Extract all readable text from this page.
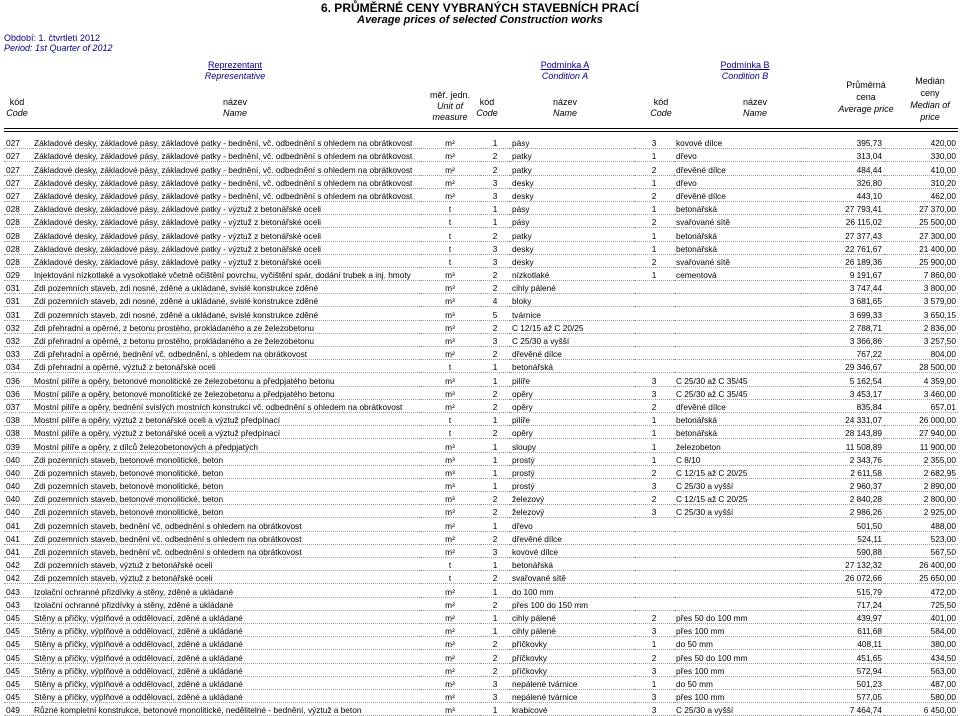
6. PRŮMĚRNÉ CENY VYBRANÝCH STAVEBNÍCH PRACÍ
Average prices of selected Construction works
Období: 1. čtvrtletí 2012
Period: 1st Quarter of 2012
Reprezentant
Representative
Podmínka A
Condition A
Podmínka B
Condition B
kód
Code
název
Name
měř. jedn.
Unit of
measure
kód
Code
název
Name
kód
Code
název
Name
Průměrná
cena
Average price
Medián
ceny
Median of
price
027	Základové desky, základové pásy, základové patky - bednění, vč. odbednění s ohledem na obrátkovost	m²	1	pásy	3	kovové dílce	395,73	420,00
027	Základové desky, základové pásy, základové patky - bednění, vč. odbednění s ohledem na obrátkovost	m²	2	patky	1	dřevo	313,04	330,00
027	Základové desky, základové pásy, základové patky - bednění, vč. odbednění s ohledem na obrátkovost	m²	2	patky	2	dřevěné dílce	484,44	410,00
027	Základové desky, základové pásy, základové patky - bednění, vč. odbednění s ohledem na obrátkovost	m²	3	desky	1	dřevo	326,80	310,20
027	Základové desky, základové pásy, základové patky - bednění, vč. odbednění s ohledem na obrátkovost	m²	3	desky	2	dřevěné dílce	443,10	462,00
028	Základové desky, základové pásy, základové patky - výztuž z betonářské oceli	t	1	pásy	1	betonářská	27 793,41	27 370,00
028	Základové desky, základové pásy, základové patky - výztuž z betonářské oceli	t	1	pásy	2	svařované sítě	26 115,02	25 500,00
028	Základové desky, základové pásy, základové patky - výztuž z betonářské oceli	t	2	patky	1	betonářská	27 377,43	27 300,00
028	Základové desky, základové pásy, základové patky - výztuž z betonářské oceli	t	3	desky	1	betonářská	22 761,67	21 400,00
028	Základové desky, základové pásy, základové patky - výztuž z betonářské oceli	t	3	desky	2	svařované sítě	26 189,36	25 900,00
029	Injektování nízkotlaké a vysokotlaké včetně očištění povrchu, vyčištění spár, dodání trubek a inj. hmoty	m³	2	nízkotlaké	1	cementová	9 191,67	7 860,00
031	Zdi pozemních staveb, zdi nosné, zděné a ukládané, svislé konstrukce zděné	m³	2	cihly pálené			3 747,44	3 800,00
031	Zdi pozemních staveb, zdi nosné, zděné a ukládané, svislé konstrukce zděné	m³	4	bloky			3 681,65	3 579,00
031	Zdi pozemních staveb, zdi nosné, zděné a ukládané, svislé konstrukce zděné	m³	5	tvárnice			3 699,33	3 650,15
032	Zdi přehradní a opěrné, z betonu prostého, prokládaného a ze železobetonu	m³	2	C 12/15 až C 20/25			2 788,71	2 836,00
032	Zdi přehradní a opěrné, z betonu prostého, prokládaného a ze železobetonu	m³	3	C 25/30 a vyšší			3 366,86	3 257,50
033	Zdi přehradní a opěrné, bednění vč. odbednění, s ohledem na obrátkovost	m²	2	dřevěné dílce			767,22	804,00
034	Zdi přehradní a opěrné, výztuž z betonářské oceli	t	1	betonářská			29 346,67	28 500,00
036	Mostní pilíře a opěry, betonové monolitické ze železobetonu a předpjatého betonu	m³	1	pilíře	3	C 25/30 až C 35/45	5 162,54	4 359,00
036	Mostní pilíře a opěry, betonové monolitické ze železobetonu a předpjatého betonu	m³	2	opěry	3	C 25/30 až C 35/45	3 453,17	3 460,00
037	Mostní pilíře a opěry, bednění svislých mostních konstrukcí vč. odbednění s ohledem na obrátkovost	m²	2	opěry	2	dřevěné dílce	835,84	657,01
038	Mostní pilíře a opěry, výztuž z betonářské oceli a výztuž předpínací	t	1	pilíře	1	betonářská	24 331,07	26 000,00
038	Mostní pilíře a opěry, výztuž z betonářské oceli a výztuž předpínací	t	2	opěry	1	betonářská	28 143,89	27 940,00
039	Mostní pilíře a opěry, z dílců železobetonových a předpjatých	m³	1	sloupy	1	železobeton	11 508,89	11 900,00
040	Zdi pozemních staveb, betonové monolitické, beton	m³	1	prostý	1	C 8/10	2 343,76	2 355,00
040	Zdi pozemních staveb, betonové monolitické, beton	m³	1	prostý	2	C 12/15 až C 20/25	2 611,58	2 682,95
040	Zdi pozemních staveb, betonové monolitické, beton	m³	1	prostý	3	C 25/30 a vyšší	2 960,37	2 890,00
040	Zdi pozemních staveb, betonové monolitické, beton	m³	2	železový	2	C 12/15 až C 20/25	2 840,28	2 800,00
040	Zdi pozemních staveb, betonové monolitické, beton	m³	2	železový	3	C 25/30 a vyšší	2 986,26	2 925,00
041	Zdi pozemních staveb, bednění vč. odbednění s ohledem na obrátkovost	m²	1	dřevo			501,50	488,00
041	Zdi pozemních staveb, bednění vč. odbednění s ohledem na obrátkovost	m²	2	dřevěné dílce			524,11	523,00
041	Zdi pozemních staveb, bednění vč. odbednění s ohledem na obrátkovost	m²	3	kovové dílce			590,88	567,50
042	Zdi pozemních staveb, výztuž z betonářské oceli	t	1	betonářská			27 132,32	26 400,00
042	Zdi pozemních staveb, výztuž z betonářské oceli	t	2	svařované sítě			26 072,66	25 650,00
043	Izolační ochranné přizdívky a stěny, zděné a ukládané	m²	1	do 100 mm			515,79	472,00
043	Izolační ochranné přizdívky a stěny, zděné a ukládané	m²	2	přes 100 do 150 mm			717,24	725,50
045	Stěny a příčky, výplňové a oddělovací, zděné a ukládané	m²	1	cihly pálené	2	přes 50 do 100 mm	439,97	401,00
045	Stěny a příčky, výplňové a oddělovací, zděné a ukládané	m²	1	cihly pálené	3	přes 100 mm	611,68	584,00
045	Stěny a příčky, výplňové a oddělovací, zděné a ukládané	m²	2	příčkovky	1	do 50 mm	408,11	380,00
045	Stěny a příčky, výplňové a oddělovací, zděné a ukládané	m²	2	příčkovky	2	přes 50 do 100 mm	451,65	434,50
045	Stěny a příčky, výplňové a oddělovací, zděné a ukládané	m²	2	příčkovky	3	přes 100 mm	572,94	563,00
045	Stěny a příčky, výplňové a oddělovací, zděné a ukládané	m²	3	nepálené tvárnice	1	do 50 mm	501,23	487,00
045	Stěny a příčky, výplňové a oddělovací, zděné a ukládané	m²	3	nepálené tvárnice	3	přes 100 mm	577,05	580,00
049	Různé kompletní konstrukce, betonové monolitické, nedělitelné - bednění, výztuž a beton	m³	1	krabicové	3	C 25/30 a vyšší	7 464,74	6 450,00
